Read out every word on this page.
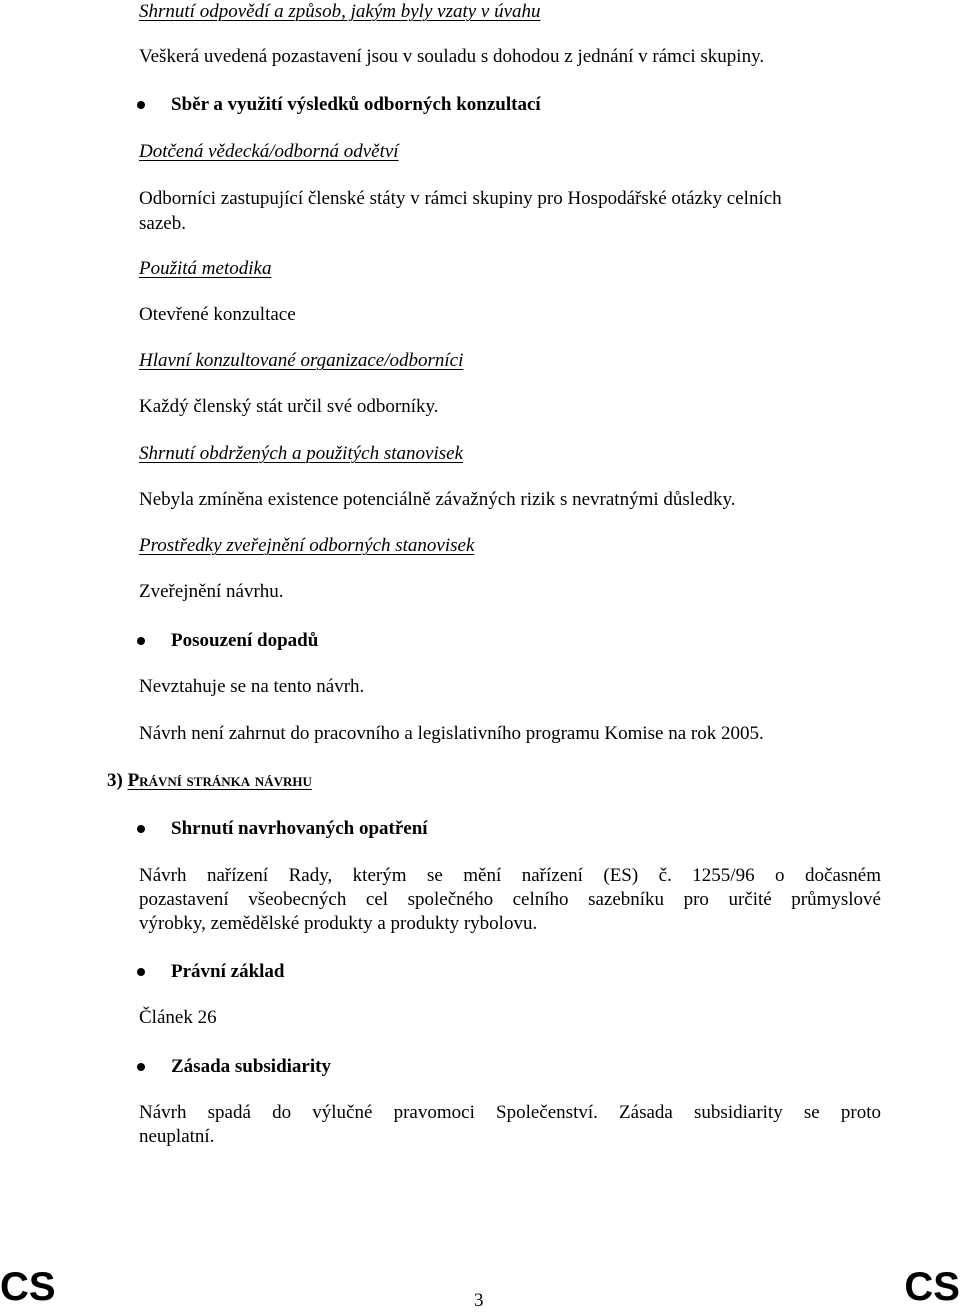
Shrnutí odpovědí a způsob, jakým byly vzaty v úvahu
Veškerá uvedená pozastavení jsou v souladu s dohodou z jednání v rámci skupiny.
Sběr a využití výsledků odborných konzultací
Dotčená vědecká/odborná odvětví
Odborníci zastupující členské státy v rámci skupiny pro Hospodářské otázky celních
sazeb.
Použitá metodika
Otevřené konzultace
Hlavní konzultované organizace/odborníci
Každý členský stát určil své odborníky.
Shrnutí obdržených a použitých stanovisek
Nebyla zmíněna existence potenciálně závažných rizik s nevratnými důsledky.
Prostředky zveřejnění odborných stanovisek
Zveřejnění návrhu.
Posouzení dopadů
Nevztahuje se na tento návrh.
Návrh není zahrnut do pracovního a legislativního programu Komise na rok 2005.
3) Právní stránka návrhu
Shrnutí navrhovaných opatření
Návrh nařízení Rady, kterým se mění nařízení (ES) č. 1255/96 o dočasném
pozastavení všeobecných cel společného celního sazebníku pro určité průmyslové
výrobky, zemědělské produkty a produkty rybolovu.
Právní základ
Článek 26
Zásada subsidiarity
Návrh spadá do výlučné pravomoci Společenství. Zásada subsidiarity se proto
neuplatní.
CS	3	CS
